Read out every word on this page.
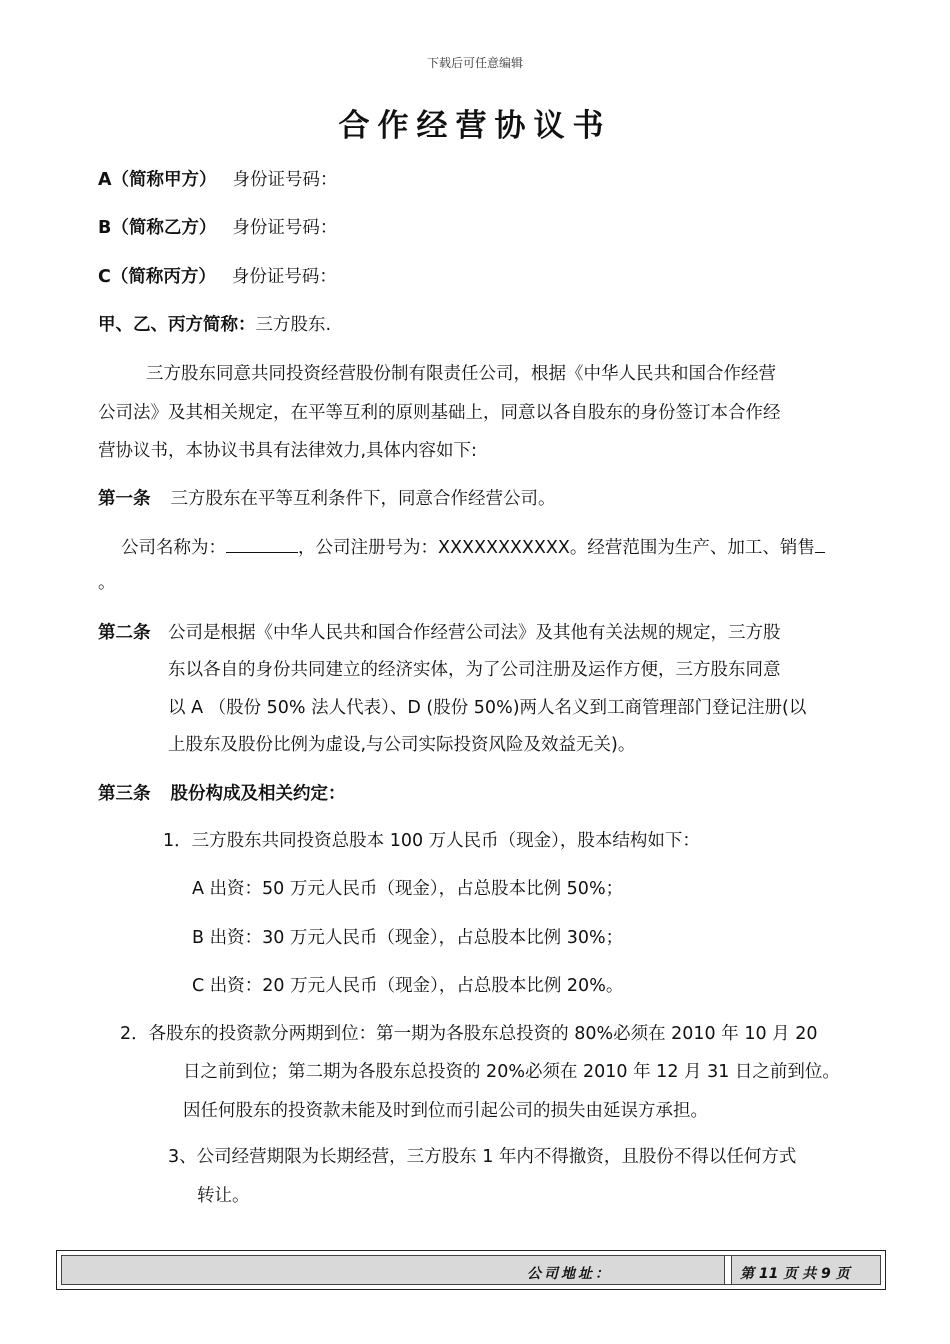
下载后可任意编辑
合作经营协议书
A（简称甲方） 身份证号码：
B（简称乙方） 身份证号码：
C（简称丙方） 身份证号码：
甲、乙、丙方简称：三方股东.
三方股东同意共同投资经营股份制有限责任公司，根据《中华人民共和国合作经营
公司法》及其相关规定，在平等互利的原则基础上，同意以各自股东的身份签订本合作经
营协议书，本协议书具有法律效力,具体内容如下:
第一条 三方股东在平等互利条件下，同意合作经营公司。
公司名称为：	，公司注册号为：XXXXXXXXXXX。经营范围为生产、加工、销售
。
第二条 公司是根据《中华人民共和国合作经营公司法》及其他有关法规的规定，三方股
东以各自的身份共同建立的经济实体，为了公司注册及运作方便，三方股东同意
以 A （股份 50% 法人代表）、D (股份 50%)两人名义到工商管理部门登记注册(以
上股东及股份比例为虚设,与公司实际投资风险及效益无关)。
第三条 股份构成及相关约定：
1．三方股东共同投资总股本 100 万人民币（现金），股本结构如下：
A 出资：50 万元人民币（现金），占总股本比例 50%；
B 出资：30 万元人民币（现金），占总股本比例 30%；
C 出资：20 万元人民币（现金），占总股本比例 20%。
2．各股东的投资款分两期到位：第一期为各股东总投资的 80%必须在 2010 年 10 月 20
日之前到位；第二期为各股东总投资的 20%必须在 2010 年 12 月 31 日之前到位。
因任何股东的投资款未能及时到位而引起公司的损失由延误方承担。
3、公司经营期限为长期经营，三方股东 1 年内不得撤资，且股份不得以任何方式
转让。
公司地址：	第 11 页 共 9 页
